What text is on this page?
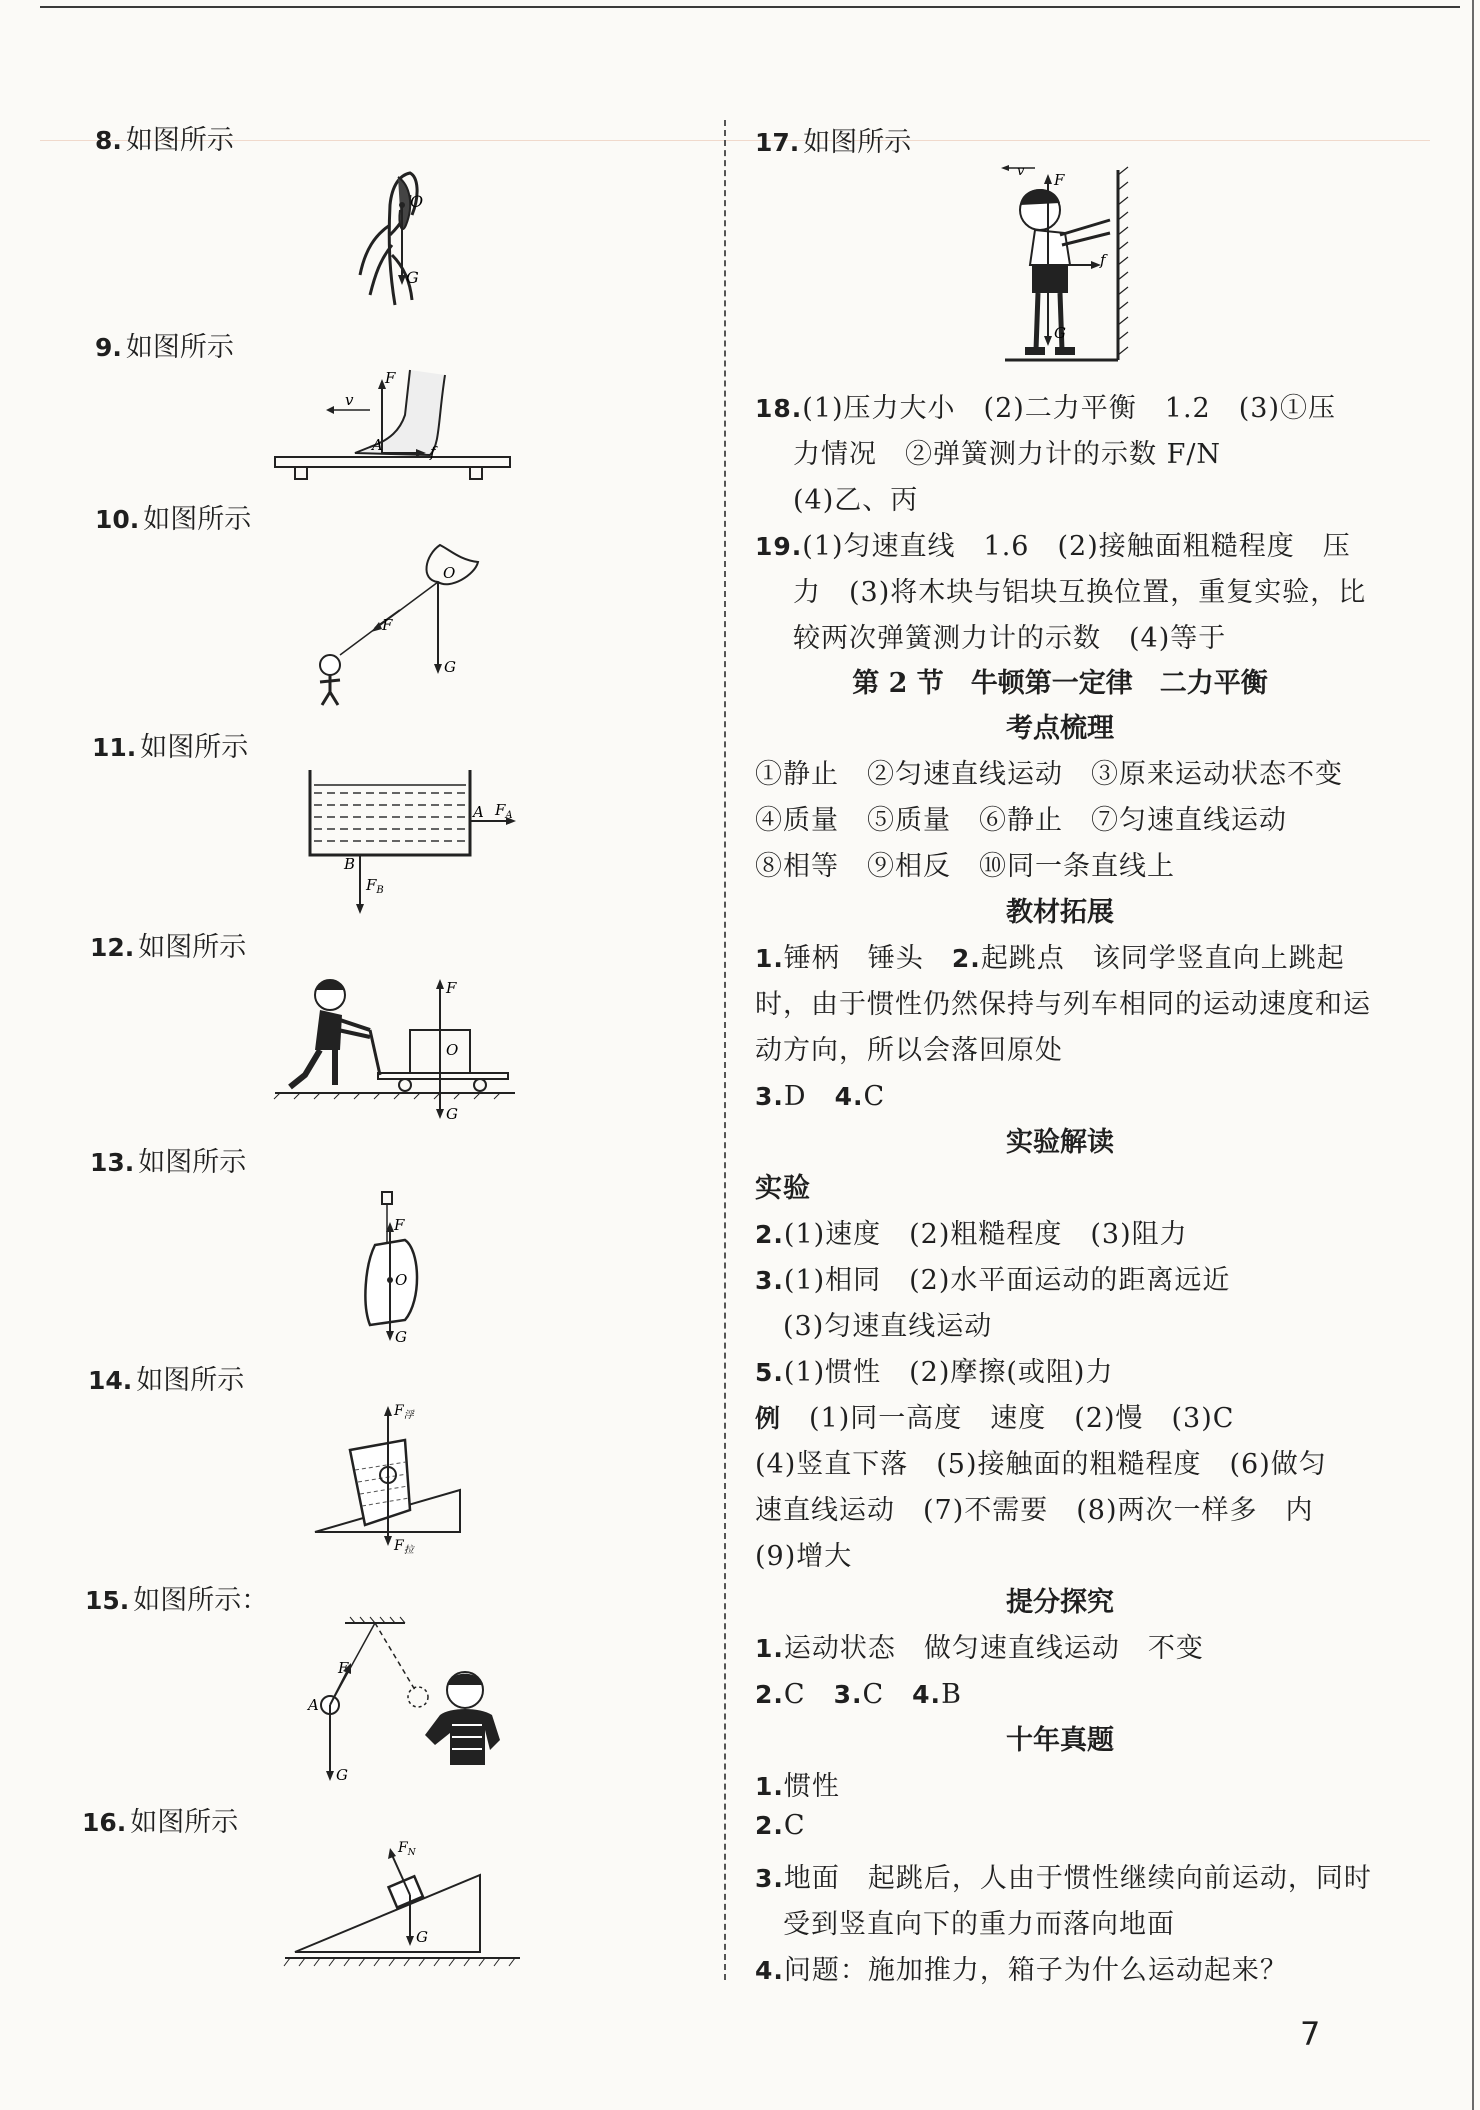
8. 如图所示
O
G
9. 如图所示
F
v
A	f
10. 如图所示
O
F
G
11. 如图所示
A $F_A$
B
$F_B$
12. 如图所示
F
O
G
13. 如图所示
F
O
G
14. 如图所示
$F_浮$
$F_拉$
15. 如图所示：
F
A
G
16. 如图所示
$F_N$
G
17. 如图所示
v F
f
G
18.(1)压力大小　(2)二力平衡　1.2　(3)①压
力情况　②弹簧测力计的示数 F/N
(4)乙、丙
19.(1)匀速直线　1.6　(2)接触面粗糙程度　压
力　(3)将木块与铝块互换位置，重复实验，比
较两次弹簧测力计的示数　(4)等于
第 2 节　牛顿第一定律　二力平衡
考点梳理
①静止　②匀速直线运动　③原来运动状态不变
④质量　⑤质量　⑥静止　⑦匀速直线运动
⑧相等　⑨相反　⑩同一条直线上
教材拓展
1.锤柄　锤头　2.起跳点　该同学竖直向上跳起
时，由于惯性仍然保持与列车相同的运动速度和运
动方向，所以会落回原处
3.D　 4.C
实验解读
实验
2.(1)速度　(2)粗糙程度　(3)阻力
3.(1)相同　(2)水平面运动的距离远近
(3)匀速直线运动
5.(1)惯性　(2)摩擦(或阻)力
例　 (1)同一高度　速度　(2)慢　(3)C
(4)竖直下落　(5)接触面的粗糙程度　(6)做匀
速直线运动　(7)不需要　(8)两次一样多　内
(9)增大
提分探究
1.运动状态　做匀速直线运动　不变
2.C　 3.C　 4.B
十年真题
1.惯性
2.C
3.地面　起跳后，人由于惯性继续向前运动，同时
受到竖直向下的重力而落向地面
4.问题：施加推力，箱子为什么运动起来？
7
